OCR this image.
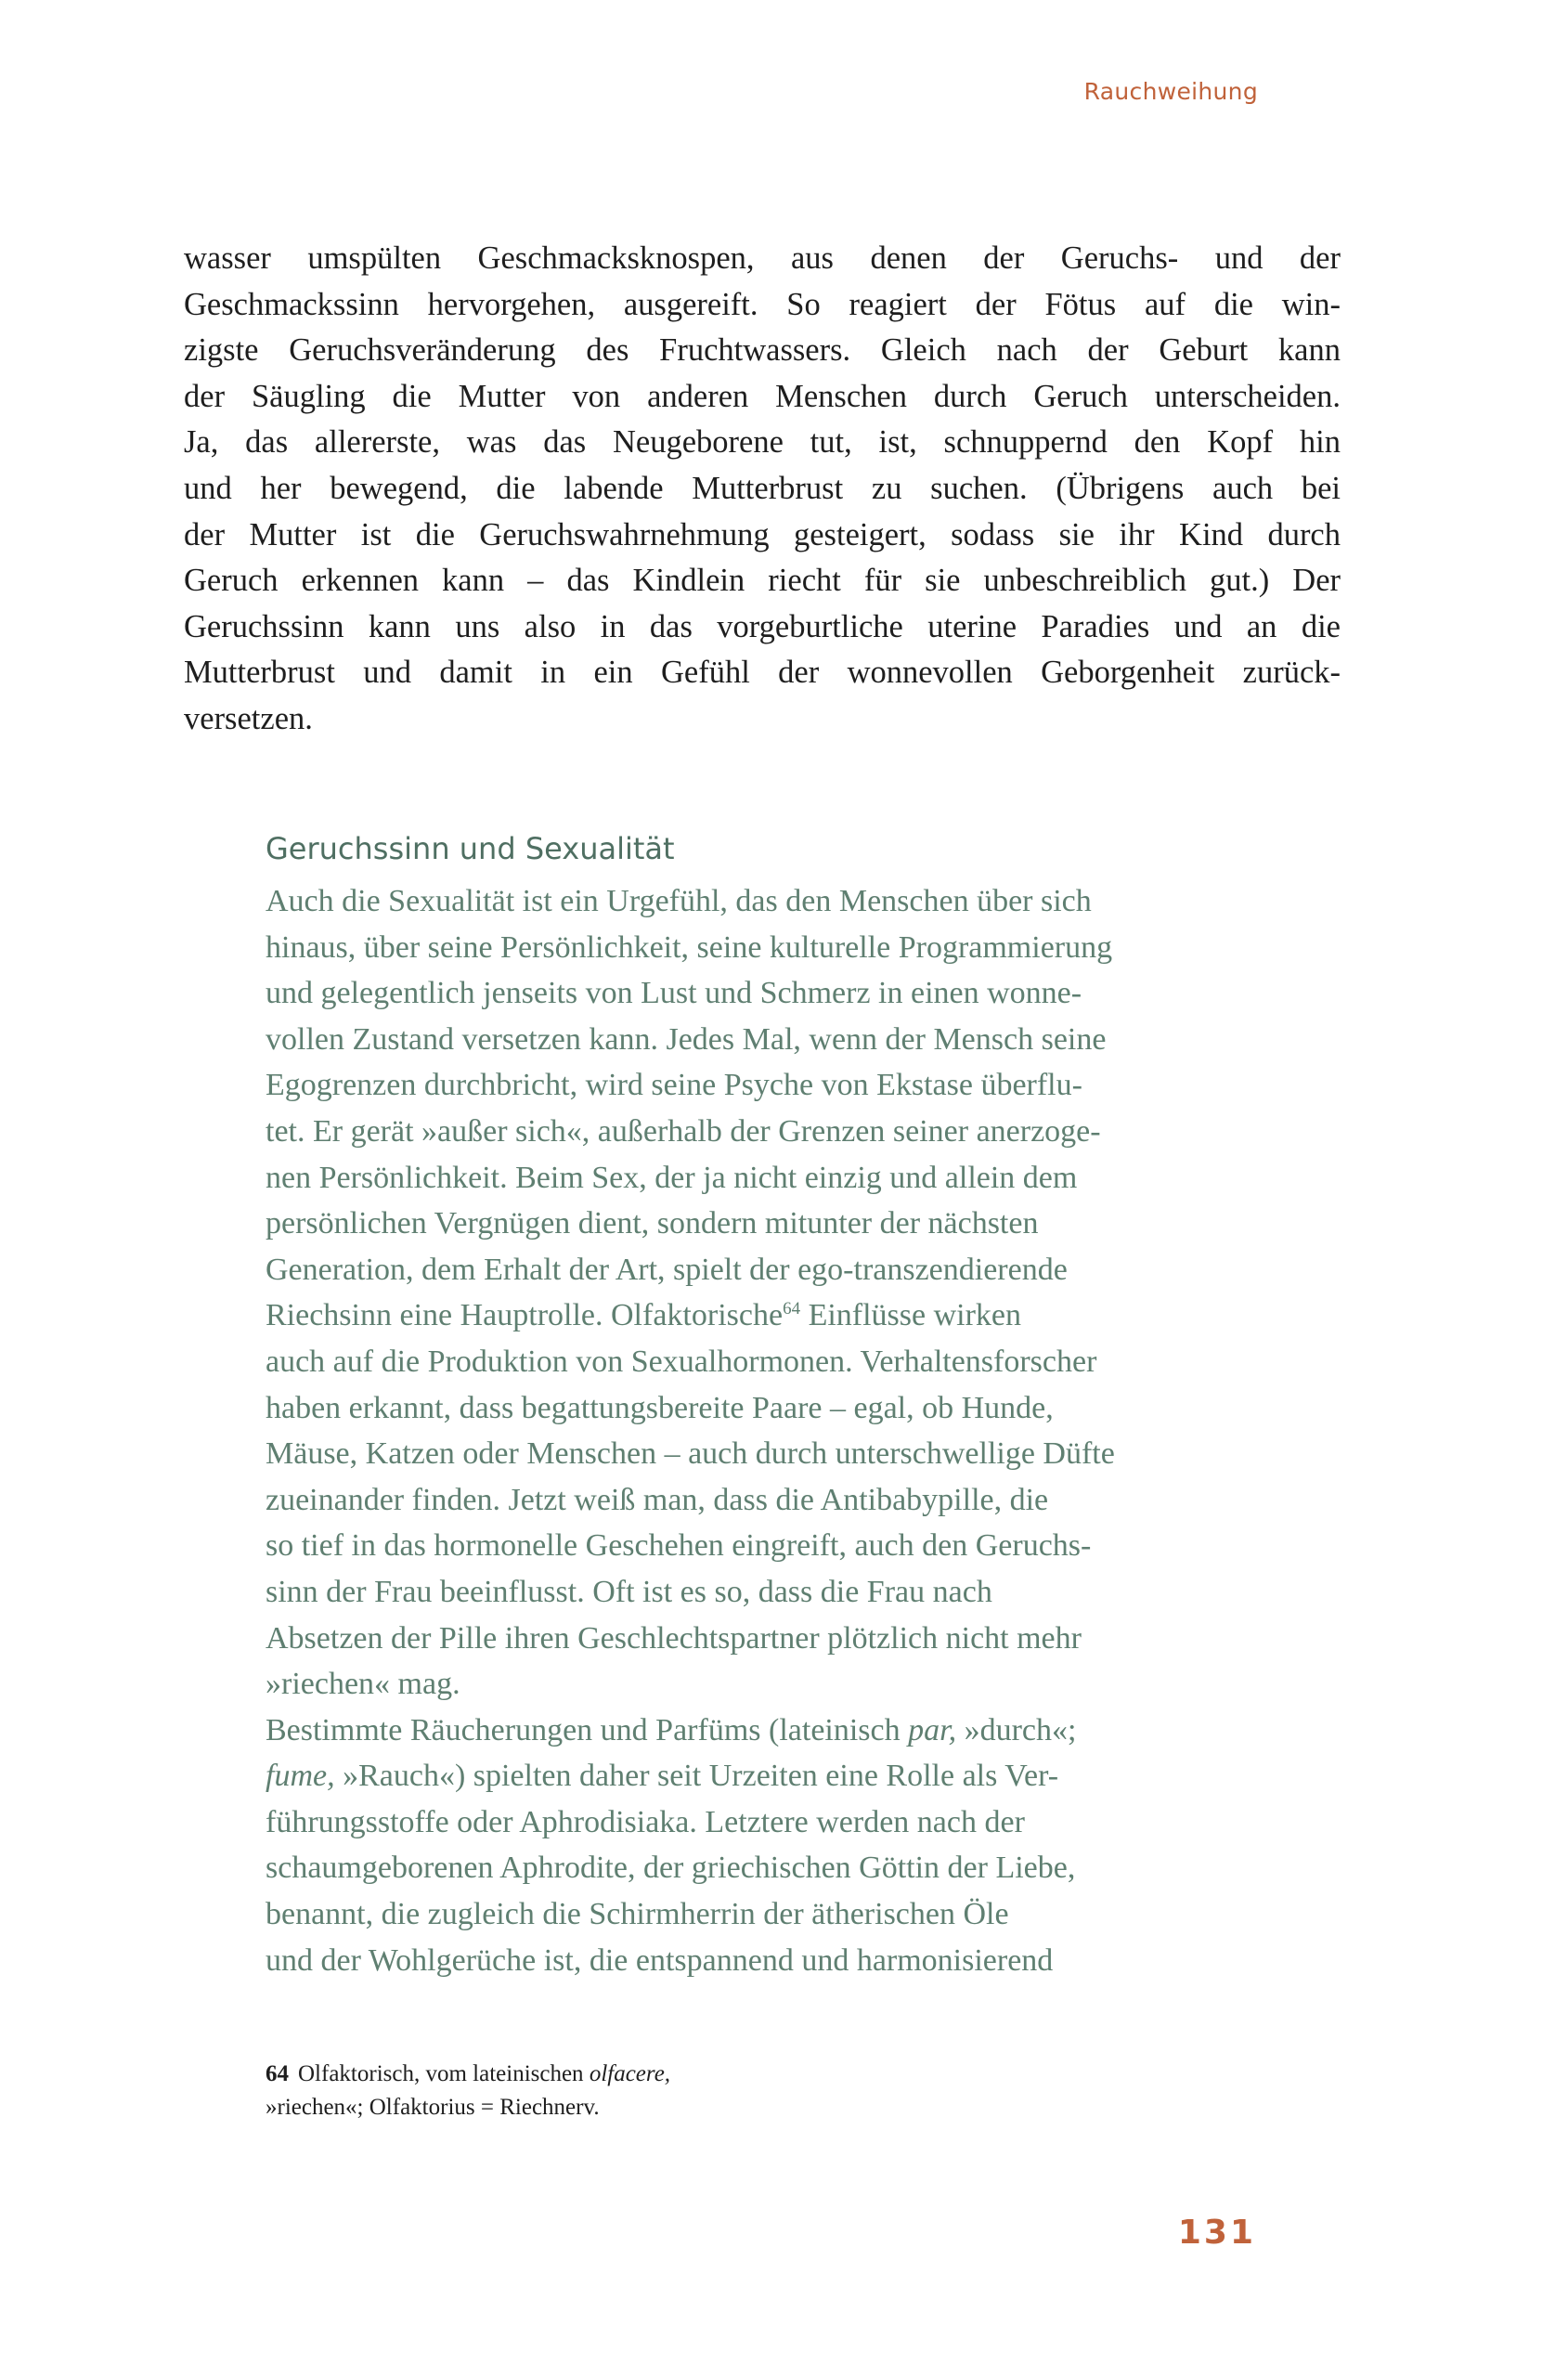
Rauchweihung
wasser umspülten Geschmacksknospen, aus denen der Geruchs- und der
Geschmackssinn hervorgehen, ausgereift. So reagiert der Fötus auf die win-
zigste Geruchsveränderung des Fruchtwassers. Gleich nach der Geburt kann
der Säugling die Mutter von anderen Menschen durch Geruch unterscheiden.
Ja, das allererste, was das Neugeborene tut, ist, schnuppernd den Kopf hin
und her bewegend, die labende Mutterbrust zu suchen. (Übrigens auch bei
der Mutter ist die Geruchswahrnehmung gesteigert, sodass sie ihr Kind durch
Geruch erkennen kann – das Kindlein riecht für sie unbeschreiblich gut.) Der
Geruchssinn kann uns also in das vorgeburtliche uterine Paradies und an die
Mutterbrust und damit in ein Gefühl der wonnevollen Geborgenheit zurück-
versetzen.
Geruchssinn und Sexualität
Auch die Sexualität ist ein Urgefühl, das den Menschen über sich
hinaus, über seine Persönlichkeit, seine kulturelle Programmierung
und gelegentlich jenseits von Lust und Schmerz in einen wonne-
vollen Zustand versetzen kann. Jedes Mal, wenn der Mensch seine
Egogrenzen durchbricht, wird seine Psyche von Ekstase überflu-
tet. Er gerät »außer sich«, außerhalb der Grenzen seiner anerzoge-
nen Persönlichkeit. Beim Sex, der ja nicht einzig und allein dem
persönlichen Vergnügen dient, sondern mitunter der nächsten
Generation, dem Erhalt der Art, spielt der ego-transzendierende
Riechsinn eine Hauptrolle. Olfaktorische$^{64}$ Einflüsse wirken
auch auf die Produktion von Sexualhormonen. Verhaltensforscher
haben erkannt, dass begattungsbereite Paare – egal, ob Hunde,
Mäuse, Katzen oder Menschen – auch durch unterschwellige Düfte
zueinander finden. Jetzt weiß man, dass die Antibabypille, die
so tief in das hormonelle Geschehen eingreift, auch den Geruchs-
sinn der Frau beeinflusst. Oft ist es so, dass die Frau nach
Absetzen der Pille ihren Geschlechtspartner plötzlich nicht mehr
»riechen« mag.
Bestimmte Räucherungen und Parfüms (lateinisch par, »durch«;
fume, »Rauch«) spielten daher seit Urzeiten eine Rolle als Ver-
führungsstoffe oder Aphrodisiaka. Letztere werden nach der
schaumgeborenen Aphrodite, der griechischen Göttin der Liebe,
benannt, die zugleich die Schirmherrin der ätherischen Öle
und der Wohlgerüche ist, die entspannend und harmonisierend
64 Olfaktorisch, vom lateinischen olfacere,
»riechen«; Olfaktorius = Riechnerv.
131
